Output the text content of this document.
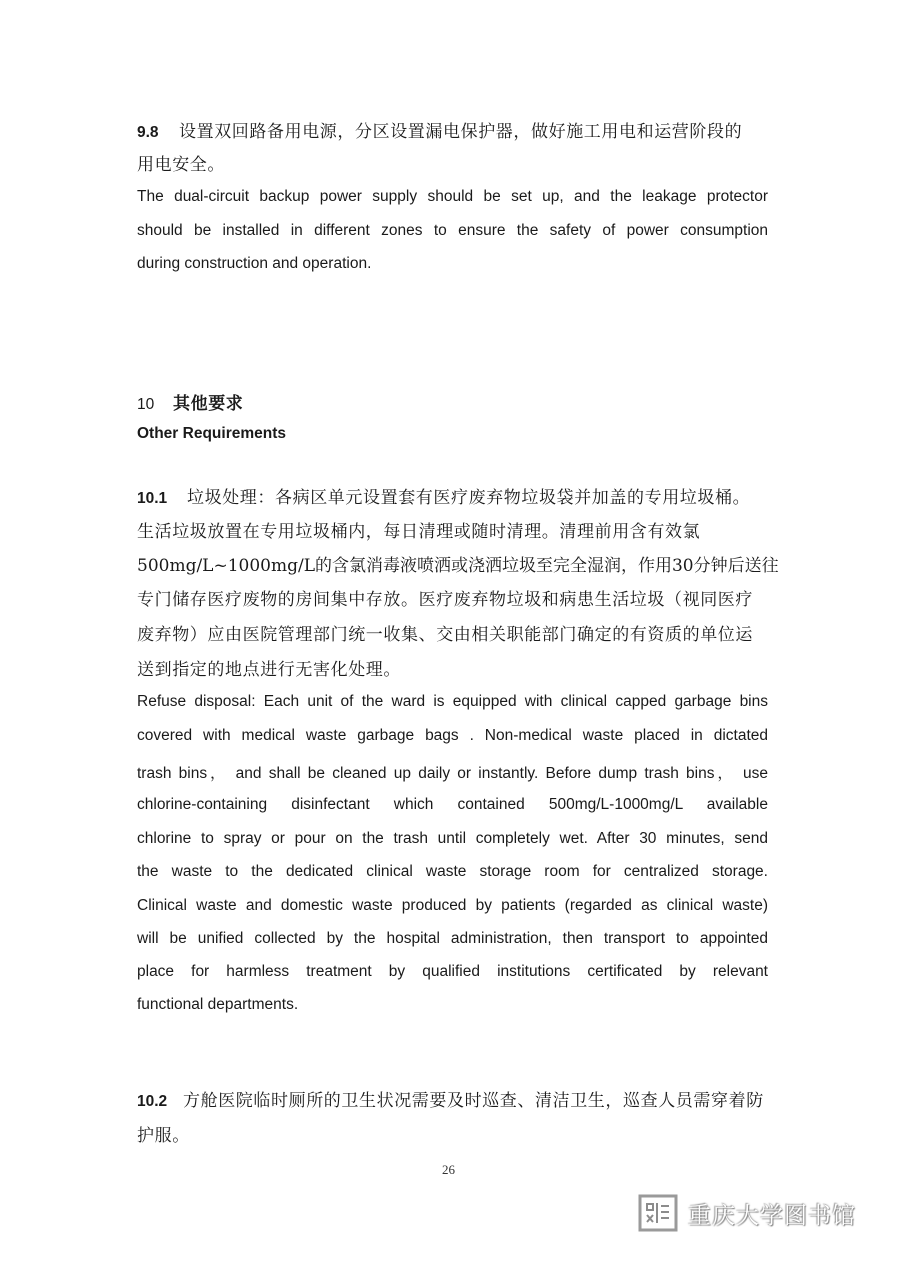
9.8	设置双回路备用电源，分区设置漏电保护器，做好施工用电和运营阶段的
用电安全。
The dual-circuit backup power supply should be set up, and the leakage protector
should be installed in different zones to ensure the safety of power consumption
during construction and operation.
10	其他要求
Other Requirements
10.1	垃圾处理：各病区单元设置套有医疗废弃物垃圾袋并加盖的专用垃圾桶。
生活垃圾放置在专用垃圾桶内，每日清理或随时清理。清理前用含有效氯
500mg/L~1000mg/L的含氯消毒液喷洒或浇洒垃圾至完全湿润，作用30分钟后送往
专门储存医疗废物的房间集中存放。医疗废弃物垃圾和病患生活垃圾（视同医疗
废弃物）应由医院管理部门统一收集、交由相关职能部门确定的有资质的单位运
送到指定的地点进行无害化处理。
Refuse disposal: Each unit of the ward is equipped with clinical capped garbage bins
covered with medical waste garbage bags . Non-medical waste placed in dictated
trash bins， and shall be cleaned up daily or instantly. Before dump trash bins， use
chlorine-containing disinfectant which contained 500mg/L-1000mg/L available
chlorine to spray or pour on the trash until completely wet. After 30 minutes, send
the waste to the dedicated clinical waste storage room for centralized storage.
Clinical waste and domestic waste produced by patients (regarded as clinical waste)
will be unified collected by the hospital administration, then transport to appointed
place for harmless treatment by qualified institutions certificated by relevant
functional departments.
10.2 方舱医院临时厕所的卫生状况需要及时巡查、清洁卫生，巡查人员需穿着防
护服。
26
重庆大学图书馆
